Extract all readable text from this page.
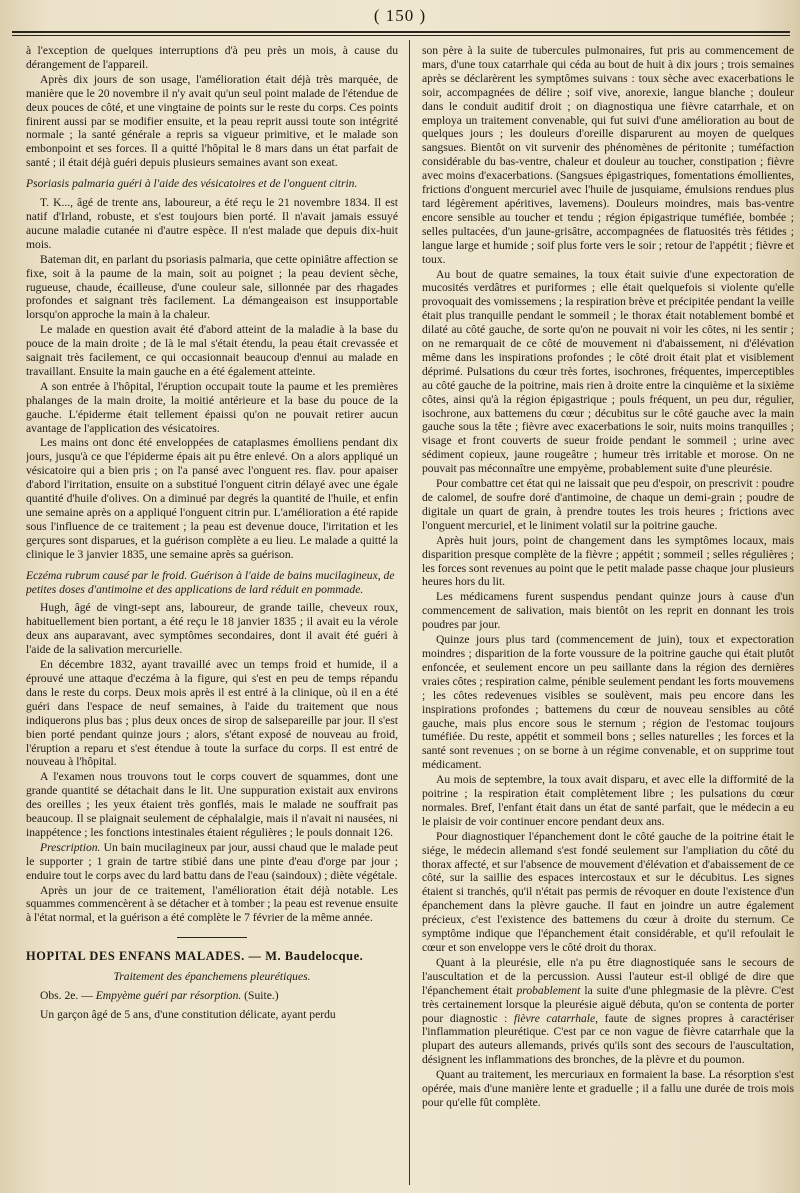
( 150 )

à l'exception de quelques interruptions d'à peu près un mois, à cause du dérangement de l'appareil.

Après dix jours de son usage, l'amélioration était déjà très marquée, de manière que le 20 novembre il n'y avait qu'un seul point malade de l'étendue de deux pouces de côté, et une vingtaine de points sur le reste du corps. Ces points finirent aussi par se modifier ensuite, et la peau reprit aussi toute son intégrité normale ; la santé générale a repris sa vigueur primitive, et le malade son embonpoint et ses forces. Il a quitté l'hôpital le 8 mars dans un état parfait de santé ; il était déjà guéri depuis plusieurs semaines avant son exeat.

Psoriasis palmaria guéri à l'aide des vésicatoires et de l'onguent citrin.

T. K..., âgé de trente ans, laboureur, a été reçu le 21 novembre 1834. Il est natif d'Irland, robuste, et s'est toujours bien porté. Il n'avait jamais essuyé aucune maladie cutanée ni d'autre espèce. Il n'est malade que depuis dix-huit mois.

Bateman dit, en parlant du psoriasis palmaria, que cette opiniâtre affection se fixe, soit à la paume de la main, soit au poignet ; la peau devient sèche, rugueuse, chaude, écailleuse, d'une couleur sale, sillonnée par des rhagades profondes et saignant très facilement. La démangeaison est insupportable lorsqu'on approche la main à la chaleur.

Le malade en question avait été d'abord atteint de la maladie à la base du pouce de la main droite ; de là le mal s'était étendu, la peau était crevassée et saignait très facilement, ce qui occasionnait beaucoup d'ennui au malade en travaillant. Ensuite la main gauche en a été également atteinte.

A son entrée à l'hôpital, l'éruption occupait toute la paume et les premières phalanges de la main droite, la moitié antérieure et la base du pouce de la gauche. L'épiderme était tellement épaissi qu'on ne pouvait retirer aucun avantage de l'application des vésicatoires.

Les mains ont donc été enveloppées de cataplasmes émolliens pendant dix jours, jusqu'à ce que l'épiderme épais ait pu être enlevé. On a alors appliqué un vésicatoire qui a bien pris ; on l'a pansé avec l'onguent res. flav. pour apaiser d'abord l'irritation, ensuite on a substitué l'onguent citrin délayé avec une égale quantité d'huile d'olives. On a diminué par degrés la quantité de l'huile, et enfin une semaine après on a appliqué l'onguent citrin pur. L'amélioration a été rapide sous l'influence de ce traitement ; la peau est devenue douce, l'irritation et les gerçures sont disparues, et la guérison complète a eu lieu. Le malade a quitté la clinique le 3 janvier 1835, une semaine après sa guérison.

Eczéma rubrum causé par le froid. Guérison à l'aide de bains mucilagineux, de petites doses d'antimoine et des applications de lard réduit en pommade.

Hugh, âgé de vingt-sept ans, laboureur, de grande taille, cheveux roux, habituellement bien portant, a été reçu le 18 janvier 1835 ; il avait eu la vérole deux ans auparavant, avec symptômes secondaires, dont il avait été guéri à l'aide de la salivation mercurielle.

En décembre 1832, ayant travaillé avec un temps froid et humide, il a éprouvé une attaque d'eczéma à la figure, qui s'est en peu de temps répandu dans le reste du corps. Deux mois après il est entré à la clinique, où il en a été guéri dans l'espace de neuf semaines, à l'aide du traitement que nous indiquerons plus bas ; plus deux onces de sirop de salsepareille par jour. Il s'est bien porté pendant quinze jours ; alors, s'étant exposé de nouveau au froid, l'éruption a reparu et s'est étendue à toute la surface du corps. Il est entré de nouveau à l'hôpital.

A l'examen nous trouvons tout le corps couvert de squammes, dont une grande quantité se détachait dans le lit. Une suppuration existait aux environs des oreilles ; les yeux étaient très gonflés, mais le malade ne souffrait pas beaucoup. Il se plaignait seulement de céphalalgie, mais il n'avait ni nausées, ni inappétence ; les fonctions intestinales étaient régulières ; le pouls donnait 126.

Prescription. Un bain mucilagineux par jour, aussi chaud que le malade peut le supporter ; 1 grain de tartre stibié dans une pinte d'eau d'orge par jour ; enduire tout le corps avec du lard battu dans de l'eau (saindoux) ; diète végétale.

Après un jour de ce traitement, l'amélioration était déjà notable. Les squammes commencèrent à se détacher et à tomber ; la peau est revenue ensuite à l'état normal, et la guérison a été complète le 7 février de la même année.

HOPITAL DES ENFANS MALADES. — M. Baudelocque.

Traitement des épanchemens pleurétiques.

Obs. 2e. — Empyème guéri par résorption. (Suite.)

Un garçon âgé de 5 ans, d'une constitution délicate, ayant perdu

son père à la suite de tubercules pulmonaires, fut pris au commencement de mars, d'une toux catarrhale qui céda au bout de huit à dix jours ; trois semaines après se déclarèrent les symptômes suivans : toux sèche avec exacerbations le soir, accompagnées de délire ; soif vive, anorexie, langue blanche ; douleur dans le conduit auditif droit ; on diagnostiqua une fièvre catarrhale, et on employa un traitement convenable, qui fut suivi d'une amélioration au bout de quelques jours ; les douleurs d'oreille disparurent au moyen de quelques sangsues. Bientôt on vit survenir des phénomènes de péritonite ; tuméfaction considérable du bas-ventre, chaleur et douleur au toucher, constipation ; fièvre avec moins d'exacerbations. (Sangsues épigastriques, fomentations émollientes, frictions d'onguent mercuriel avec l'huile de jusquiame, émulsions rendues plus tard légèrement apéritives, lavemens). Douleurs moindres, mais bas-ventre encore sensible au toucher et tendu ; région épigastrique tuméfiée, bombée ; selles pultacées, d'un jaune-grisâtre, accompagnées de flatuosités très fétides ; langue large et humide ; soif plus forte vers le soir ; retour de l'appétit ; fièvre et toux.

Au bout de quatre semaines, la toux était suivie d'une expectoration de mucosités verdâtres et puriformes ; elle était quelquefois si violente qu'elle provoquait des vomissemens ; la respiration brève et précipitée pendant la veille était plus tranquille pendant le sommeil ; le thorax était notablement bombé et dilaté au côté gauche, de sorte qu'on ne pouvait ni voir les côtes, ni les sentir ; on ne remarquait de ce côté de mouvement ni d'abaissement, ni d'élévation même dans les inspirations profondes ; le côté droit était plat et visiblement déprimé. Pulsations du cœur très fortes, isochrones, fréquentes, imperceptibles au côté gauche de la poitrine, mais rien à droite entre la cinquième et la sixième côtes, ainsi qu'à la région épigastrique ; pouls fréquent, un peu dur, régulier, isochrone, aux battemens du cœur ; décubitus sur le côté gauche avec la main gauche sous la tête ; fièvre avec exacerbations le soir, nuits moins tranquilles ; visage et front couverts de sueur froide pendant le sommeil ; urine avec sédiment copieux, jaune rougeâtre ; humeur très irritable et morose. On ne pouvait pas méconnaître une empyème, probablement suite d'une pleurésie.

Pour combattre cet état qui ne laissait que peu d'espoir, on prescrivit : poudre de calomel, de soufre doré d'antimoine, de chaque un demi-grain ; poudre de digitale un quart de grain, à prendre toutes les trois heures ; frictions avec l'onguent mercuriel, et le liniment volatil sur la poitrine gauche.

Après huit jours, point de changement dans les symptômes locaux, mais disparition presque complète de la fièvre ; appétit ; sommeil ; selles régulières ; les forces sont revenues au point que le petit malade passe chaque jour plusieurs heures hors du lit.

Les médicamens furent suspendus pendant quinze jours à cause d'un commencement de salivation, mais bientôt on les reprit en donnant les trois poudres par jour.

Quinze jours plus tard (commencement de juin), toux et expectoration moindres ; disparition de la forte voussure de la poitrine gauche qui était plutôt enfoncée, et seulement encore un peu saillante dans la région des dernières vraies côtes ; respiration calme, pénible seulement pendant les forts mouvemens ; les côtes redevenues visibles se soulèvent, mais peu encore dans les inspirations profondes ; battemens du cœur de nouveau sensibles au côté gauche, mais plus encore sous le sternum ; région de l'estomac toujours tuméfiée. Du reste, appétit et sommeil bons ; selles naturelles ; les forces et la santé sont revenues ; on se borne à un régime convenable, et on supprime tout médicament.

Au mois de septembre, la toux avait disparu, et avec elle la difformité de la poitrine ; la respiration était complètement libre ; les pulsations du cœur normales. Bref, l'enfant était dans un état de santé parfait, que le médecin a eu le plaisir de voir continuer encore pendant deux ans.

Pour diagnostiquer l'épanchement dont le côté gauche de la poitrine était le siége, le médecin allemand s'est fondé seulement sur l'ampliation du côté du thorax affecté, et sur l'absence de mouvement d'élévation et d'abaissement de ce côté, sur la saillie des espaces intercostaux et sur le décubitus. Les signes étaient si tranchés, qu'il n'était pas permis de révoquer en doute l'existence d'un épanchement dans la plèvre gauche. Il faut en joindre un autre également précieux, c'est l'existence des battemens du cœur à droite du sternum. Ce symptôme indique que l'épanchement était considérable, et qu'il refoulait le cœur et son enveloppe vers le côté droit du thorax.

Quant à la pleurésie, elle n'a pu être diagnostiquée sans le secours de l'auscultation et de la percussion. Aussi l'auteur est-il obligé de dire que l'épanchement était probablement la suite d'une phlegmasie de la plèvre. C'est très certainement lorsque la pleurésie aiguë débuta, qu'on se contenta de porter pour diagnostic : fièvre catarrhale, faute de signes propres à caractériser l'inflammation pleurétique. C'est par ce non vague de fièvre catarrhale que la plupart des auteurs allemands, privés qu'ils sont des secours de l'auscultation, désignent les inflammations des bronches, de la plèvre et du poumon.

Quant au traitement, les mercuriaux en formaient la base. La résorption s'est opérée, mais d'une manière lente et graduelle ; il a fallu une durée de trois mois pour qu'elle fût complète.
